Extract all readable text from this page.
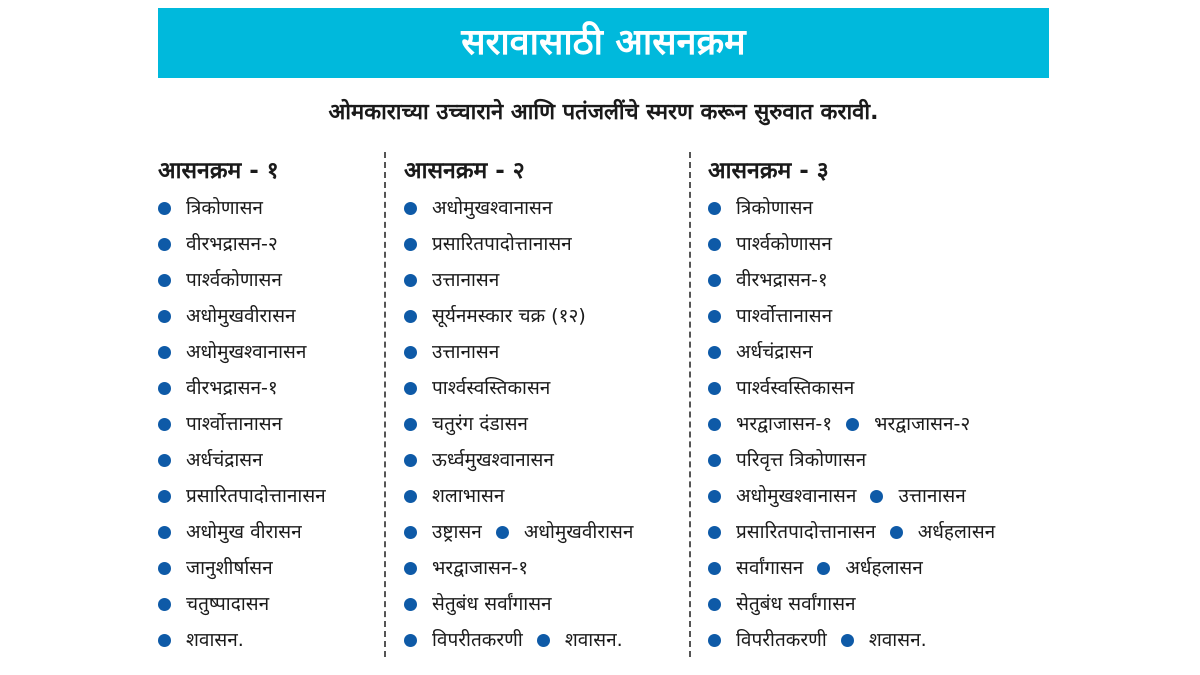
सरावासाठी आसनक्रम
ओमकाराच्या उच्चाराने आणि पतंजलींचे स्मरण करून सुरुवात करावी.
आसनक्रम - १
त्रिकोणासन
वीरभद्रासन-२
पार्श्वकोणासन
अधोमुखवीरासन
अधोमुखश्वानासन
वीरभद्रासन-१
पार्श्वोत्तानासन
अर्धचंद्रासन
प्रसारितपादोत्तानासन
अधोमुख वीरासन
जानुशीर्षासन
चतुष्पादासन
शवासन.
आसनक्रम - २
अधोमुखश्वानासन
प्रसारितपादोत्तानासन
उत्तानासन
सूर्यनमस्कार चक्र (१२)
उत्तानासन
पार्श्वस्वस्तिकासन
चतुरंग दंडासन
ऊर्ध्वमुखश्वानासन
शलाभासन
उष्ट्रासन अधोमुखवीरासन
भरद्वाजासन-१
सेतुबंध सर्वांगासन
विपरीतकरणी शवासन.
आसनक्रम - ३
त्रिकोणासन
पार्श्वकोणासन
वीरभद्रासन-१
पार्श्वोत्तानासन
अर्धचंद्रासन
पार्श्वस्वस्तिकासन
भरद्वाजासन-१ भरद्वाजासन-२
परिवृत्त त्रिकोणासन
अधोमुखश्वानासन उत्तानासन
प्रसारितपादोत्तानासन अर्धहलासन
सर्वांगासन अर्धहलासन
सेतुबंध सर्वांगासन
विपरीतकरणी शवासन.
